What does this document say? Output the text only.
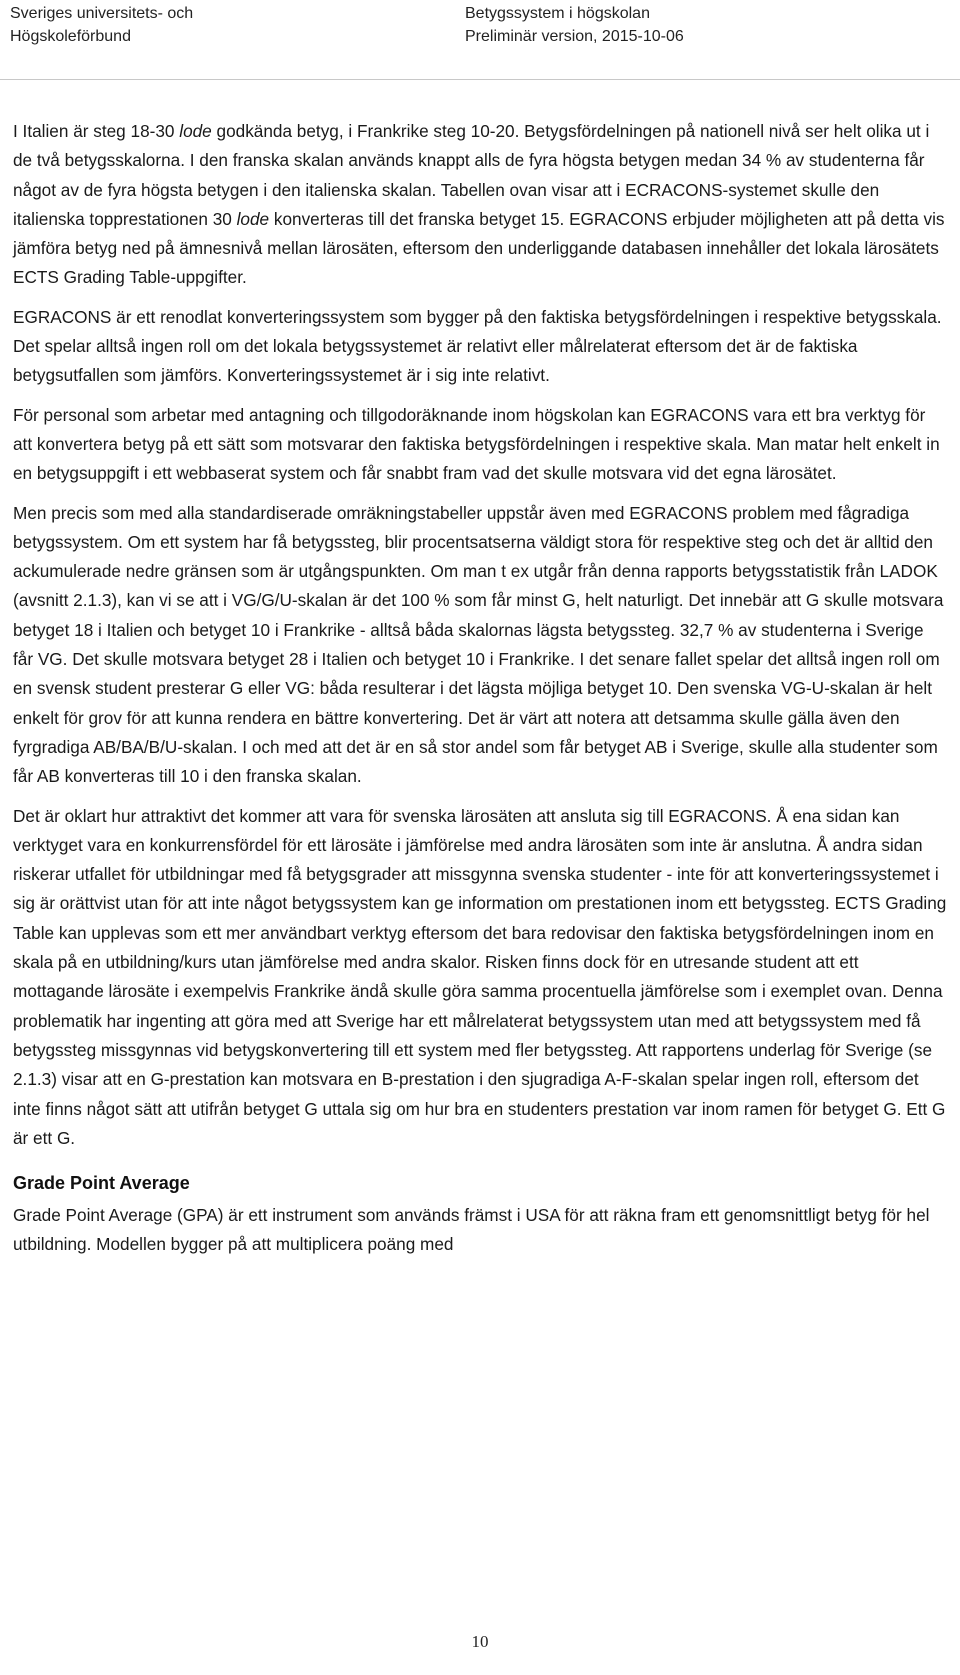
Sveriges universitets- och
Högskoleförbund
Betygssystem i högskolan
Preliminär version, 2015-10-06

I Italien är steg 18-30 lode godkända betyg, i Frankrike steg 10-20. Betygsfördelningen på nationell nivå ser helt olika ut i de två betygsskalorna. I den franska skalan används knappt alls de fyra högsta betygen medan 34 % av studenterna får något av de fyra högsta betygen i den italienska skalan. Tabellen ovan visar att i ECRACONS-systemet skulle den italienska topprestationen 30 lode konverteras till det franska betyget 15. EGRACONS erbjuder möjligheten att på detta vis jämföra betyg ned på ämnesnivå mellan lärosäten, eftersom den underliggande databasen innehåller det lokala lärosätets ECTS Grading Table-uppgifter.

EGRACONS är ett renodlat konverteringssystem som bygger på den faktiska betygsfördelningen i respektive betygsskala. Det spelar alltså ingen roll om det lokala betygssystemet är relativt eller målrelaterat eftersom det är de faktiska betygsutfallen som jämförs. Konverteringssystemet är i sig inte relativt.

För personal som arbetar med antagning och tillgodoräknande inom högskolan kan EGRACONS vara ett bra verktyg för att konvertera betyg på ett sätt som motsvarar den faktiska betygsfördelningen i respektive skala. Man matar helt enkelt in en betygsuppgift i ett webbaserat system och får snabbt fram vad det skulle motsvara vid det egna lärosätet.

Men precis som med alla standardiserade omräkningstabeller uppstår även med EGRACONS problem med fågradiga betygssystem. Om ett system har få betygssteg, blir procentsatserna väldigt stora för respektive steg och det är alltid den ackumulerade nedre gränsen som är utgångspunkten. Om man t ex utgår från denna rapports betygsstatistik från LADOK (avsnitt 2.1.3), kan vi se att i VG/G/U-skalan är det 100 % som får minst G, helt naturligt. Det innebär att G skulle motsvara betyget 18 i Italien och betyget 10 i Frankrike - alltså båda skalornas lägsta betygssteg. 32,7 % av studenterna i Sverige får VG. Det skulle motsvara betyget 28 i Italien och betyget 10 i Frankrike. I det senare fallet spelar det alltså ingen roll om en svensk student presterar G eller VG: båda resulterar i det lägsta möjliga betyget 10. Den svenska VG-U-skalan är helt enkelt för grov för att kunna rendera en bättre konvertering. Det är värt att notera att detsamma skulle gälla även den fyrgradiga AB/BA/B/U-skalan. I och med att det är en så stor andel som får betyget AB i Sverige, skulle alla studenter som får AB konverteras till 10 i den franska skalan.

Det är oklart hur attraktivt det kommer att vara för svenska lärosäten att ansluta sig till EGRACONS. Å ena sidan kan verktyget vara en konkurrensfördel för ett lärosäte i jämförelse med andra lärosäten som inte är anslutna. Å andra sidan riskerar utfallet för utbildningar med få betygsgrader att missgynna svenska studenter - inte för att konverteringssystemet i sig är orättvist utan för att inte något betygssystem kan ge information om prestationen inom ett betygssteg. ECTS Grading Table kan upplevas som ett mer användbart verktyg eftersom det bara redovisar den faktiska betygsfördelningen inom en skala på en utbildning/kurs utan jämförelse med andra skalor. Risken finns dock för en utresande student att ett mottagande lärosäte i exempelvis Frankrike ändå skulle göra samma procentuella jämförelse som i exemplet ovan. Denna problematik har ingenting att göra med att Sverige har ett målrelaterat betygssystem utan med att betygssystem med få betygssteg missgynnas vid betygskonvertering till ett system med fler betygssteg. Att rapportens underlag för Sverige (se 2.1.3) visar att en G-prestation kan motsvara en B-prestation i den sjugradiga A-F-skalan spelar ingen roll, eftersom det inte finns något sätt att utifrån betyget G uttala sig om hur bra en studenters prestation var inom ramen för betyget G. Ett G är ett G.

Grade Point Average

Grade Point Average (GPA) är ett instrument som används främst i USA för att räkna fram ett genomsnittligt betyg för hel utbildning. Modellen bygger på att multiplicera poäng med

10
